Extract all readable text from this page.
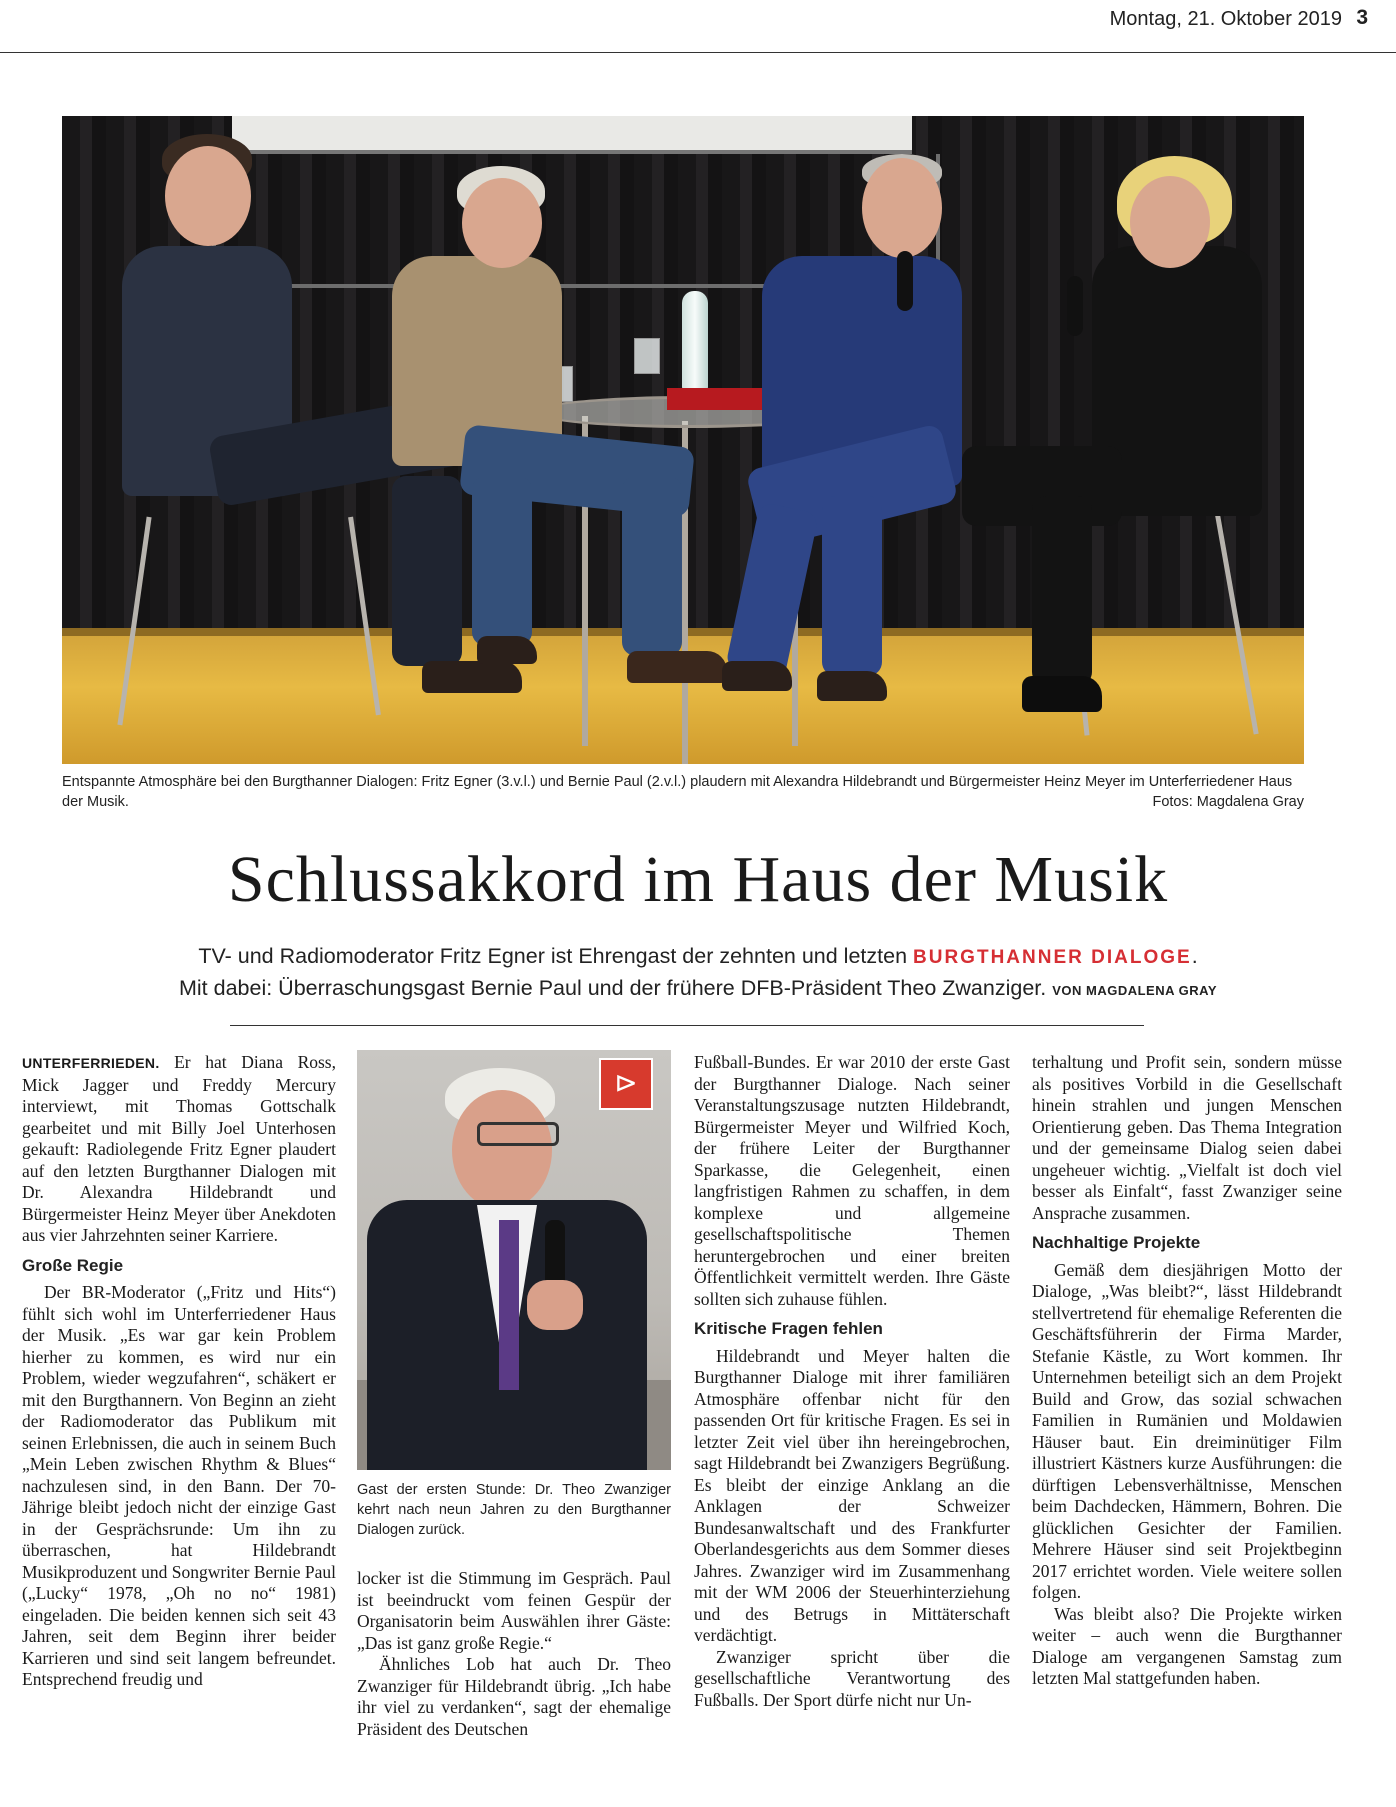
Montag, 21. Oktober 2019 3
Entspannte Atmosphäre bei den Burgthanner Dialogen: Fritz Egner (3.v.l.) und Bernie Paul (2.v.l.) plaudern mit Alexandra Hildebrandt und Bürgermeister Heinz Meyer im Unterferriedener Haus der Musik.	Fotos: Magdalena Gray
Schlussakkord im Haus der Musik
TV- und Radiomoderator Fritz Egner ist Ehrengast der zehnten und letzten BURGTHANNER DIALOGE.
Mit dabei: Überraschungsgast Bernie Paul und der frühere DFB-Präsident Theo Zwanziger. VON MAGDALENA GRAY

UNTERFERRIEDEN. Er hat Diana Ross, Mick Jagger und Freddy Mercury interviewt, mit Thomas Gottschalk gearbeitet und mit Billy Joel Unterhosen gekauft: Radiolegende Fritz Egner plaudert auf den letzten Burgthanner Dialogen mit Dr. Alexandra Hildebrandt und Bürgermeister Heinz Meyer über Anekdoten aus vier Jahrzehnten seiner Karriere.

Große Regie

Der BR-Moderator („Fritz und Hits“) fühlt sich wohl im Unterferriedener Haus der Musik. „Es war gar kein Problem hierher zu kommen, es wird nur ein Problem, wieder wegzufahren“, schäkert er mit den Burgthannern. Von Beginn an zieht der Radiomoderator das Publikum mit seinen Erlebnissen, die auch in seinem Buch „Mein Leben zwischen Rhythm & Blues“ nachzulesen sind, in den Bann. Der 70-Jährige bleibt jedoch nicht der einzige Gast in der Gesprächsrunde: Um ihn zu überraschen, hat Hildebrandt Musikproduzent und Songwriter Bernie Paul („Lucky“ 1978, „Oh no no“ 1981) eingeladen. Die beiden kennen sich seit 43 Jahren, seit dem Beginn ihrer beider Karrieren und sind seit langem befreundet. Entsprechend freudig und

⊳
Gast der ersten Stunde: Dr. Theo Zwanziger kehrt nach neun Jahren zu den Burgthanner Dialogen zurück.

locker ist die Stimmung im Gespräch. Paul ist beeindruckt vom feinen Gespür der Organisatorin beim Auswählen ihrer Gäste: „Das ist ganz große Regie.“

Ähnliches Lob hat auch Dr. Theo Zwanziger für Hildebrandt übrig. „Ich habe ihr viel zu verdanken“, sagt der ehemalige Präsident des Deutschen

Fußball-Bundes. Er war 2010 der erste Gast der Burgthanner Dialoge. Nach seiner Veranstaltungszusage nutzten Hildebrandt, Bürgermeister Meyer und Wilfried Koch, der frühere Leiter der Burgthanner Sparkasse, die Gelegenheit, einen langfristigen Rahmen zu schaffen, in dem komplexe und allgemeine gesellschaftspolitische Themen heruntergebrochen und einer breiten Öffentlichkeit vermittelt werden. Ihre Gäste sollten sich zuhause fühlen.

Kritische Fragen fehlen

Hildebrandt und Meyer halten die Burgthanner Dialoge mit ihrer familiären Atmosphäre offenbar nicht für den passenden Ort für kritische Fragen. Es sei in letzter Zeit viel über ihn hereingebrochen, sagt Hildebrandt bei Zwanzigers Begrüßung. Es bleibt der einzige Anklang an die Anklagen der Schweizer Bundesanwaltschaft und des Frankfurter Oberlandesgerichts aus dem Sommer dieses Jahres. Zwanziger wird im Zusammenhang mit der WM 2006 der Steuerhinterziehung und des Betrugs in Mittäterschaft verdächtigt.

Zwanziger spricht über die gesellschaftliche Verantwortung des Fußballs. Der Sport dürfe nicht nur Un-

terhaltung und Profit sein, sondern müsse als positives Vorbild in die Gesellschaft hinein strahlen und jungen Menschen Orientierung geben. Das Thema Integration und der gemeinsame Dialog seien dabei ungeheuer wichtig. „Vielfalt ist doch viel besser als Einfalt“, fasst Zwanziger seine Ansprache zusammen.

Nachhaltige Projekte

Gemäß dem diesjährigen Motto der Dialoge, „Was bleibt?“, lässt Hildebrandt stellvertretend für ehemalige Referenten die Geschäftsführerin der Firma Marder, Stefanie Kästle, zu Wort kommen. Ihr Unternehmen beteiligt sich an dem Projekt Build and Grow, das sozial schwachen Familien in Rumänien und Moldawien Häuser baut. Ein dreiminütiger Film illustriert Kästners kurze Ausführungen: die dürftigen Lebensverhältnisse, Menschen beim Dachdecken, Hämmern, Bohren. Die glücklichen Gesichter der Familien. Mehrere Häuser sind seit Projektbeginn 2017 errichtet worden. Viele weitere sollen folgen.

Was bleibt also? Die Projekte wirken weiter – auch wenn die Burgthanner Dialoge am vergangenen Samstag zum letzten Mal stattgefunden haben.
